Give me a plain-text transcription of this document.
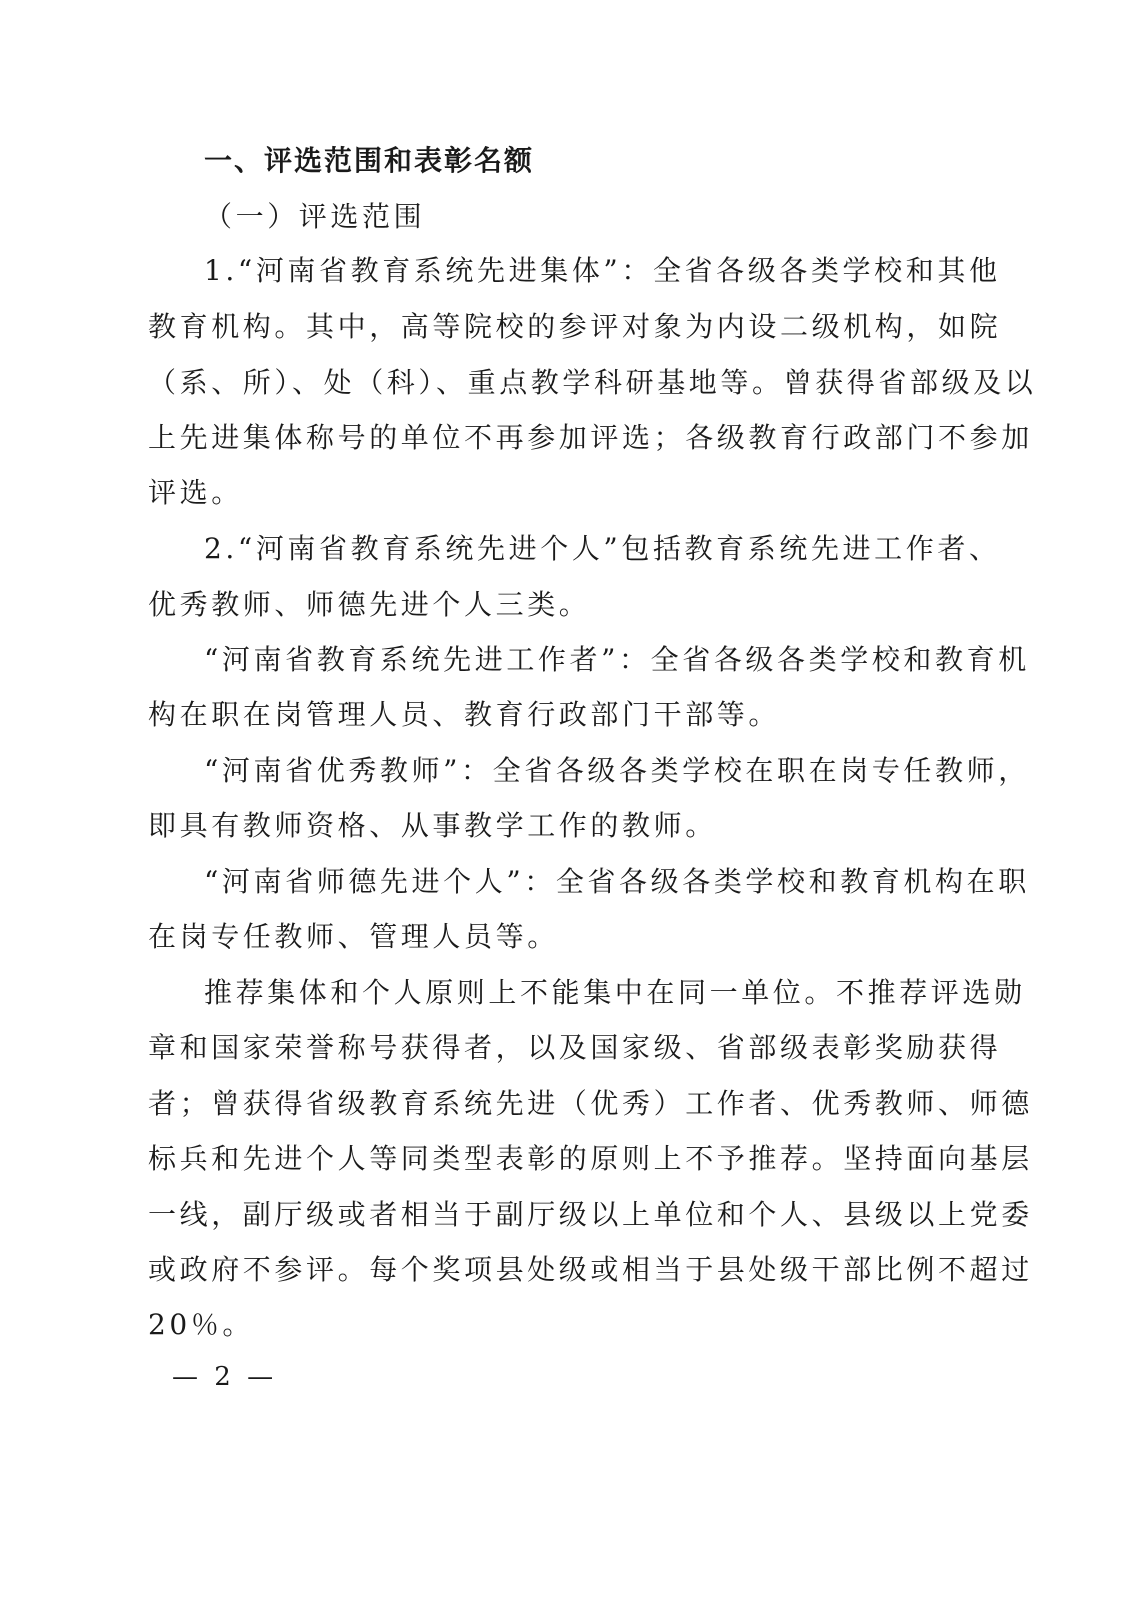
一、评选范围和表彰名额
（一）评选范围
1.“河南省教育系统先进集体”：全省各级各类学校和其他
教育机构。其中，高等院校的参评对象为内设二级机构，如院
（系、所）、处（科）、重点教学科研基地等。曾获得省部级及以
上先进集体称号的单位不再参加评选；各级教育行政部门不参加
评选。
2.“河南省教育系统先进个人”包括教育系统先进工作者、
优秀教师、师德先进个人三类。
“河南省教育系统先进工作者”：全省各级各类学校和教育机
构在职在岗管理人员、教育行政部门干部等。
“河南省优秀教师”：全省各级各类学校在职在岗专任教师，
即具有教师资格、从事教学工作的教师。
“河南省师德先进个人”：全省各级各类学校和教育机构在职
在岗专任教师、管理人员等。
推荐集体和个人原则上不能集中在同一单位。不推荐评选勋
章和国家荣誉称号获得者，以及国家级、省部级表彰奖励获得
者；曾获得省级教育系统先进（优秀）工作者、优秀教师、师德
标兵和先进个人等同类型表彰的原则上不予推荐。坚持面向基层
一线，副厅级或者相当于副厅级以上单位和个人、县级以上党委
或政府不参评。每个奖项县处级或相当于县处级干部比例不超过
20％。
— 2 —
